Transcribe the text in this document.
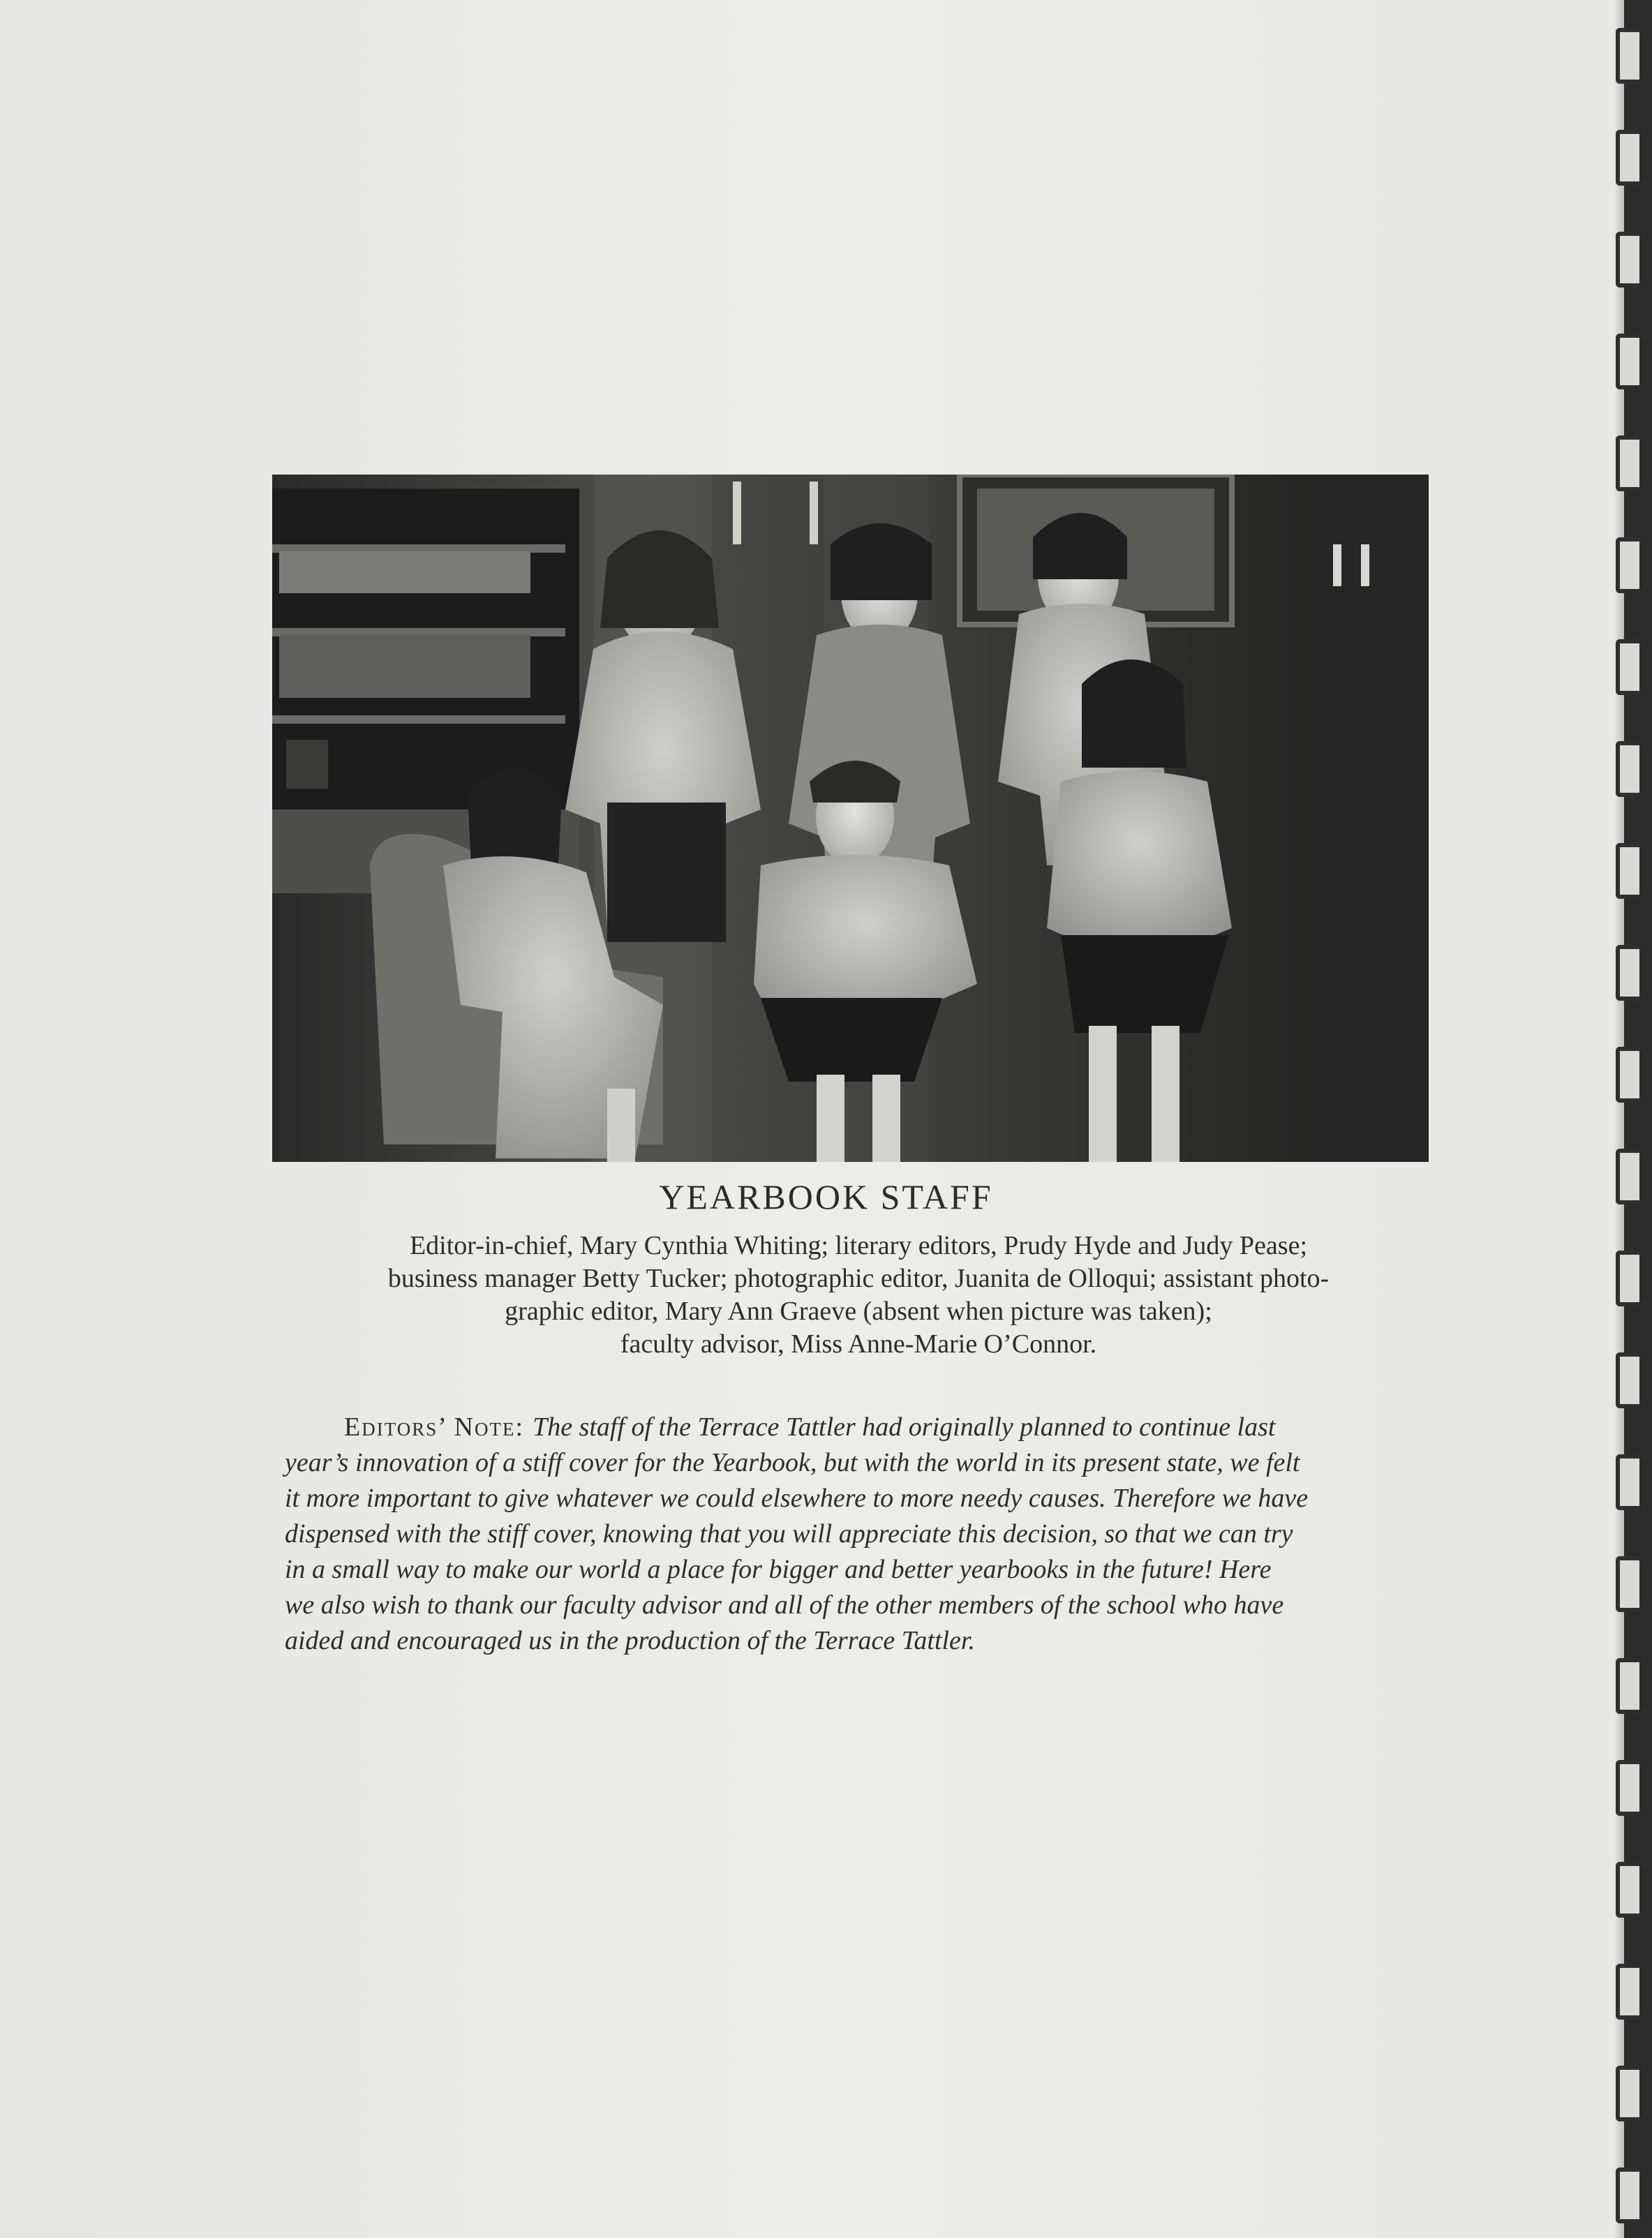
YEARBOOK STAFF
Editor-in-chief, Mary Cynthia Whiting; literary editors, Prudy Hyde and Judy Pease;
business manager Betty Tucker; photographic editor, Juanita de Olloqui; assistant photo-
graphic editor, Mary Ann Graeve (absent when picture was taken);
faculty advisor, Miss Anne-Marie O’Connor.
Editors’ Note: The staff of the Terrace Tattler had originally planned to continue last
year’s innovation of a stiff cover for the Yearbook, but with the world in its present state, we felt
it more important to give whatever we could elsewhere to more needy causes. Therefore we have
dispensed with the stiff cover, knowing that you will appreciate this decision, so that we can try
in a small way to make our world a place for bigger and better yearbooks in the future! Here
we also wish to thank our faculty advisor and all of the other members of the school who have
aided and encouraged us in the production of the Terrace Tattler.
